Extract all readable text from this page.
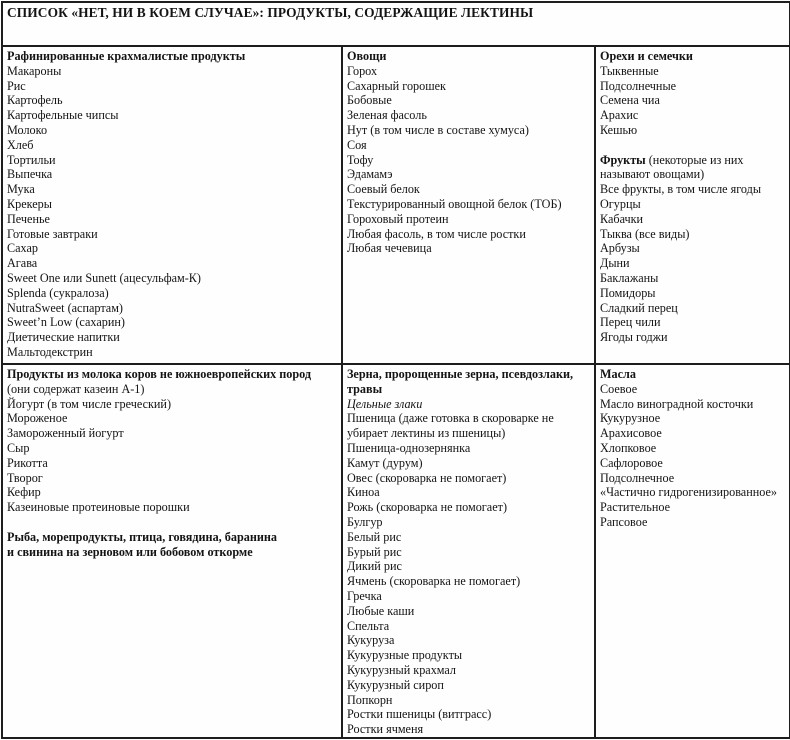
СПИСОК «НЕТ, НИ В КОЕМ СЛУЧАЕ»: ПРОДУКТЫ, СОДЕРЖАЩИЕ ЛЕКТИНЫ		

Рафинированные крахмалистые продукты
Макароны
Рис
Картофель
Картофельные чипсы
Молоко
Хлеб
Тортильи
Выпечка
Мука
Крекеры
Печенье
Готовые завтраки
Сахар
Агава
Sweet One или Sunett (ацесульфам-К)
Splenda (сукралоза)
NutraSweet (аспартам)
Sweet’n Low (сахарин)
Диетические напитки
Мальтодекстрин

Овощи
Горох
Сахарный горошек
Бобовые
Зеленая фасоль
Нут (в том числе в составе хумуса)
Соя
Тофу
Эдамамэ
Соевый белок
Текстурированный овощной белок (ТОБ)
Гороховый протеин
Любая фасоль, в том числе ростки
Любая чечевица

Орехи и семечки
Тыквенные
Подсолнечные
Семена чиа
Арахис
Кешью

Фрукты (некоторые из них
называют овощами)
Все фрукты, в том числе ягоды
Огурцы
Кабачки
Тыква (все виды)
Арбузы
Дыни
Баклажаны
Помидоры
Сладкий перец
Перец чили
Ягоды годжи

Продукты из молока коров не южноевропейских пород
(они содержат казеин А-1)
Йогурт (в том числе греческий)
Мороженое
Замороженный йогурт
Сыр
Рикотта
Творог
Кефир
Казеиновые протеиновые порошки

Рыба, морепродукты, птица, говядина, баранина
и свинина на зерновом или бобовом откорме

Зерна, пророщенные зерна, псевдозлаки,
травы
Цельные злаки
Пшеница (даже готовка в скороварке не
убирает лектины из пшеницы)
Пшеница-однозернянка
Камут (дурум)
Овес (скороварка не помогает)
Киноа
Рожь (скороварка не помогает)
Булгур
Белый рис
Бурый рис
Дикий рис
Ячмень (скороварка не помогает)
Гречка
Любые каши
Спельта
Кукуруза
Кукурузные продукты
Кукурузный крахмал
Кукурузный сироп
Попкорн
Ростки пшеницы (витграсс)
Ростки ячменя

Масла
Соевое
Масло виноградной косточки
Кукурузное
Арахисовое
Хлопковое
Сафлоровое
Подсолнечное
«Частично гидрогенизированное»
Растительное
Рапсовое
